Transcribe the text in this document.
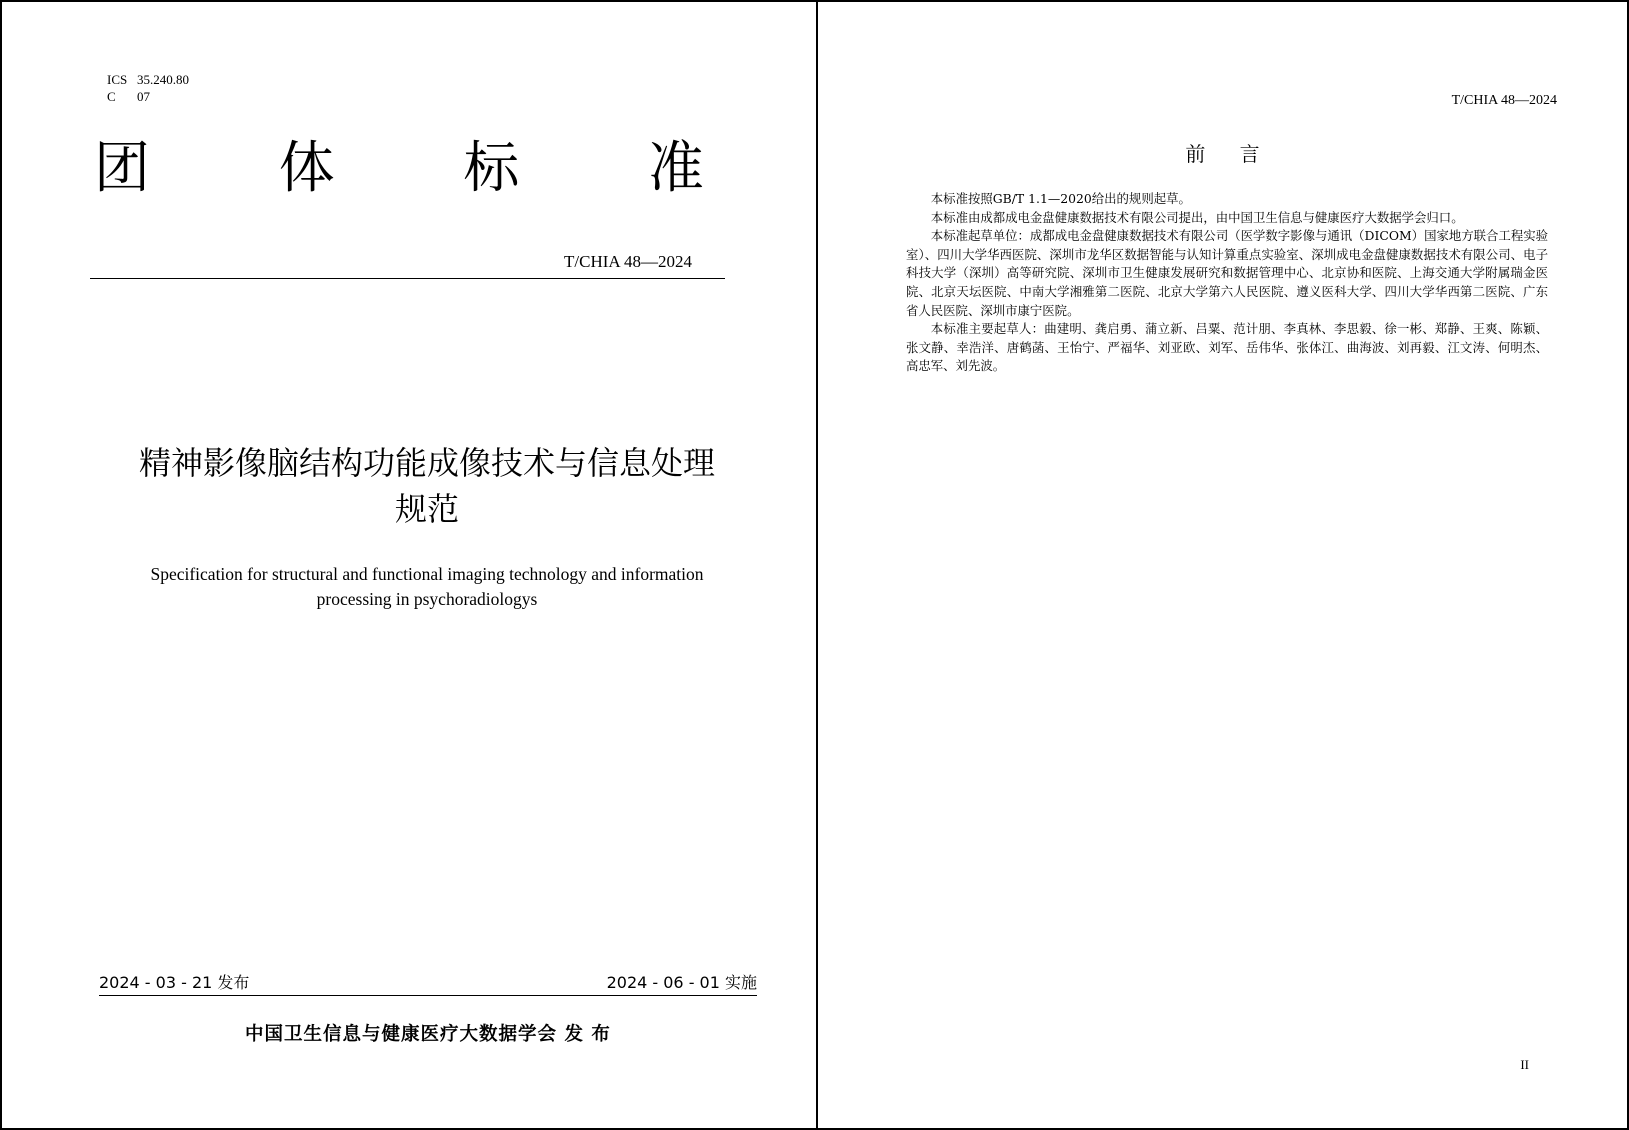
ICS 35.240.80
C 07
团 体 标 准
T/CHIA 48—2024
精神影像脑结构功能成像技术与信息处理
规范
Specification for structural and functional imaging technology and information
processing in psychoradiologys
2024 - 03 - 21 发布	2024 - 06 - 01 实施
中国卫生信息与健康医疗大数据学会 发 布
T/CHIA 48—2024
前 言

本标准按照GB/T 1.1—2020给出的规则起草。

本标准由成都成电金盘健康数据技术有限公司提出，由中国卫生信息与健康医疗大数据学会归口。

本标准起草单位：成都成电金盘健康数据技术有限公司（医学数字影像与通讯（DICOM）国家地方联合工程实验室）、四川大学华西医院、深圳市龙华区数据智能与认知计算重点实验室、深圳成电金盘健康数据技术有限公司、电子科技大学（深圳）高等研究院、深圳市卫生健康发展研究和数据管理中心、北京协和医院、上海交通大学附属瑞金医院、北京天坛医院、中南大学湘雅第二医院、北京大学第六人民医院、遵义医科大学、四川大学华西第二医院、广东省人民医院、深圳市康宁医院。

本标准主要起草人：曲建明、龚启勇、蒲立新、吕粟、范计朋、李真林、李思毅、徐一彬、郑静、王爽、陈颖、张文静、幸浩洋、唐鹤菡、王怡宁、严福华、刘亚欧、刘军、岳伟华、张体江、曲海波、刘再毅、江文涛、何明杰、高忠军、刘先波。

II
